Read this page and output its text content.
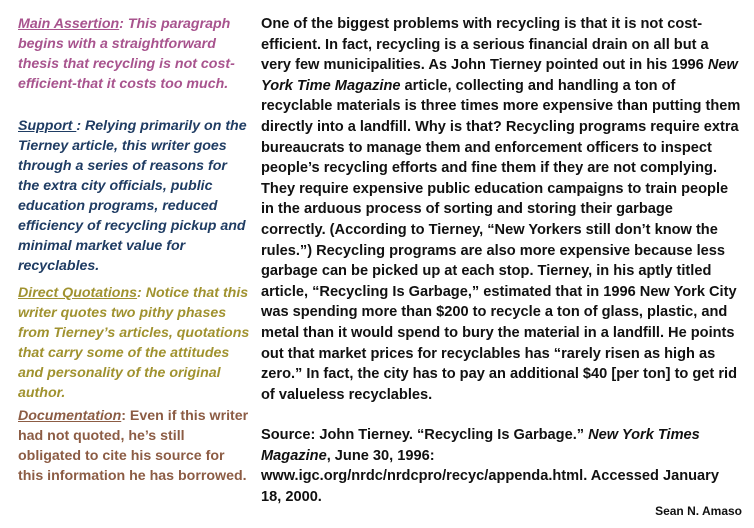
Main Assertion: This paragraph begins with a straightforward thesis that recycling is not cost-efficient-that it costs too much.

Support : Relying primarily on the Tierney article, this writer goes through a series of reasons for the extra city officials, public education programs, reduced efficiency of recycling pickup and minimal market value for recyclables.

Direct Quotations: Notice that this writer quotes two pithy phases from Tierney’s articles, quotations that carry some of the attitudes and personality of the original author.

Documentation: Even if this writer had not quoted, he’s still obligated to cite his source for this information he has borrowed.

One of the biggest problems with recycling is that it is not cost-efficient. In fact, recycling is a serious financial drain on all but a very few municipalities. As John Tierney pointed out in his 1996 New York Time Magazine article, collecting and handling a ton of recyclable materials is three times more expensive than putting them directly into a landfill. Why is that? Recycling programs require extra bureaucrats to manage them and enforcement officers to inspect people’s recycling efforts and fine them if they are not complying. They require expensive public education campaigns to train people in the arduous process of sorting and storing their garbage correctly. (According to Tierney, “New Yorkers still don’t know the rules.”) Recycling programs are also more expensive because less garbage can be picked up at each stop. Tierney, in his aptly titled article, “Recycling Is Garbage,” estimated that in 1996 New York City was spending more than $200 to recycle a ton of glass, plastic, and metal than it would spend to bury the material in a landfill. He points out that market prices for recyclables has “rarely risen as high as zero.” In fact, the city has to pay an additional $40 [per ton] to get rid of valueless recyclables.

Source: John Tierney. “Recycling Is Garbage.” New York Times Magazine, June 30, 1996: www.igc.org/nrdc/nrdcpro/recyc/appenda.html. Accessed January 18, 2000.

Sean N. Amaso
